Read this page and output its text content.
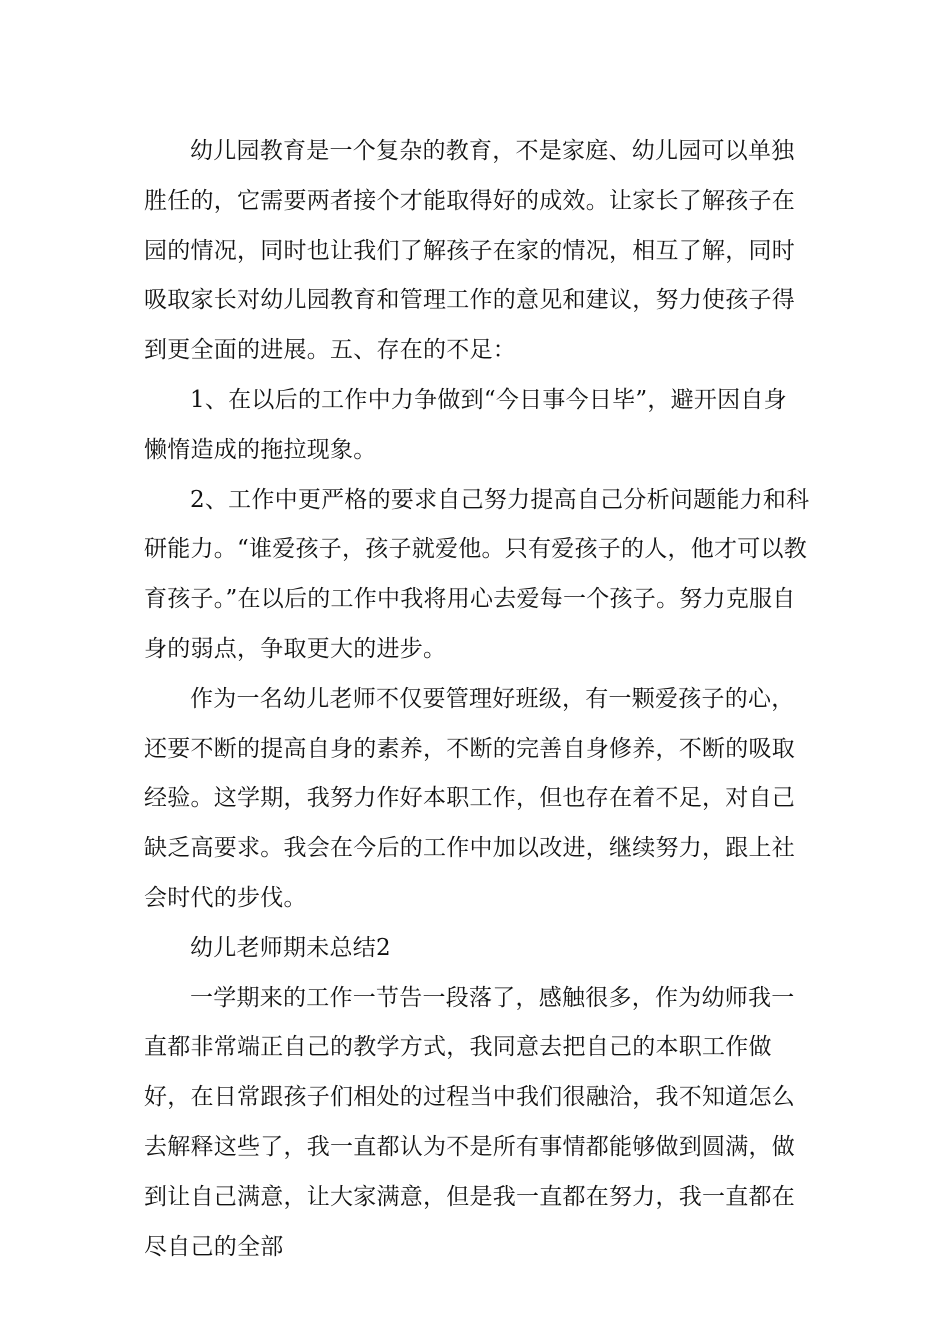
幼儿园教育是一个复杂的教育，不是家庭、幼儿园可以单独胜任的，它需要两者接个才能取得好的成效。让家长了解孩子在园的情况，同时也让我们了解孩子在家的情况，相互了解，同时吸取家长对幼儿园教育和管理工作的意见和建议，努力使孩子得到更全面的进展。五、存在的不足：

1、在以后的工作中力争做到“今日事今日毕”，避开因自身懒惰造成的拖拉现象。

2、工作中更严格的要求自己努力提高自己分析问题能力和科研能力。“谁爱孩子，孩子就爱他。只有爱孩子的人，他才可以教育孩子。”在以后的工作中我将用心去爱每一个孩子。努力克服自身的弱点，争取更大的进步。

作为一名幼儿老师不仅要管理好班级，有一颗爱孩子的心，还要不断的提高自身的素养，不断的完善自身修养，不断的吸取经验。这学期，我努力作好本职工作，但也存在着不足，对自己缺乏高要求。我会在今后的工作中加以改进，继续努力，跟上社会时代的步伐。

幼儿老师期未总结2

一学期来的工作一节告一段落了，感触很多，作为幼师我一直都非常端正自己的教学方式，我同意去把自己的本职工作做好，在日常跟孩子们相处的过程当中我们很融洽，我不知道怎么去解释这些了，我一直都认为不是所有事情都能够做到圆满，做到让自己满意，让大家满意，但是我一直都在努力，我一直都在尽自己的全部
